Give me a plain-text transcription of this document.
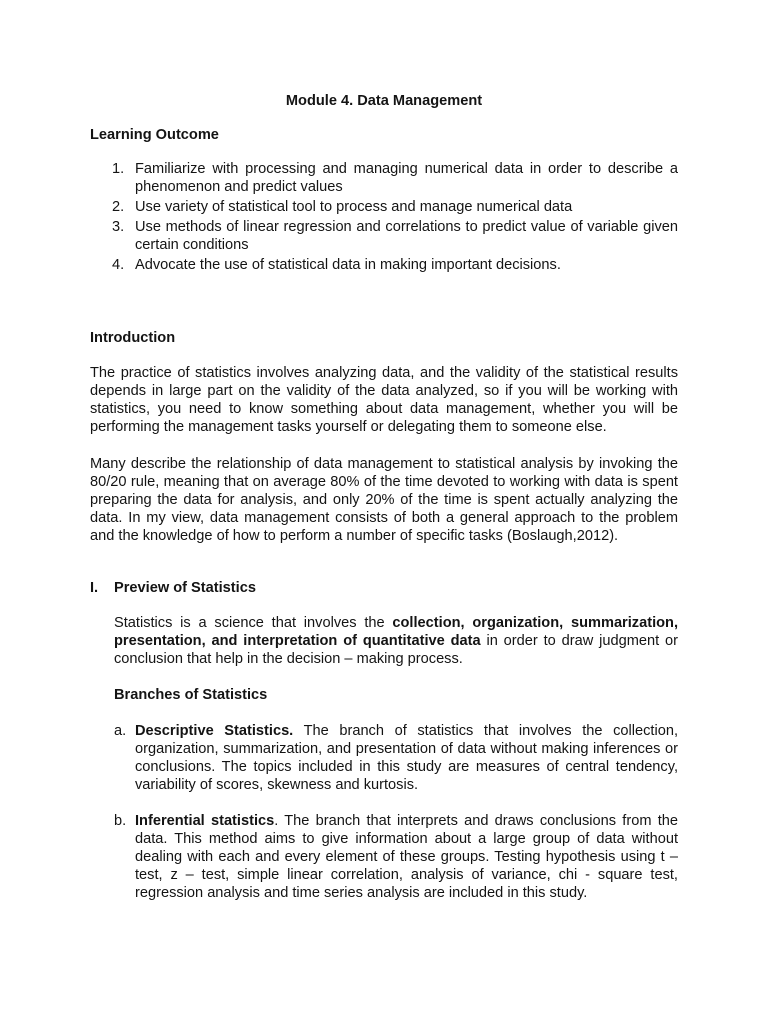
Module 4. Data Management

Learning Outcome

1. Familiarize with processing and managing numerical data in order to describe a phenomenon and predict values
2. Use variety of statistical tool to process and manage numerical data
3. Use methods of linear regression and correlations to predict value of variable given certain conditions
4. Advocate the use of statistical data in making important decisions.

Introduction

The practice of statistics involves analyzing data, and the validity of the statistical results depends in large part on the validity of the data analyzed, so if you will be working with statistics, you need to know something about data management, whether you will be performing the management tasks yourself or delegating them to someone else.

Many describe the relationship of data management to statistical analysis by invoking the 80/20 rule, meaning that on average 80% of the time devoted to working with data is spent preparing the data for analysis, and only 20% of the time is spent actually analyzing the data. In my view, data management consists of both a general approach to the problem and the knowledge of how to perform a number of specific tasks (Boslaugh,2012).

I. Preview of Statistics

Statistics is a science that involves the collection, organization, summarization, presentation, and interpretation of quantitative data in order to draw judgment or conclusion that help in the decision – making process.

Branches of Statistics

a. Descriptive Statistics. The branch of statistics that involves the collection, organization, summarization, and presentation of data without making inferences or conclusions. The topics included in this study are measures of central tendency, variability of scores, skewness and kurtosis.
b. Inferential statistics. The branch that interprets and draws conclusions from the data. This method aims to give information about a large group of data without dealing with each and every element of these groups. Testing hypothesis using t – test, z – test, simple linear correlation, analysis of variance, chi - square test, regression analysis and time series analysis are included in this study.
